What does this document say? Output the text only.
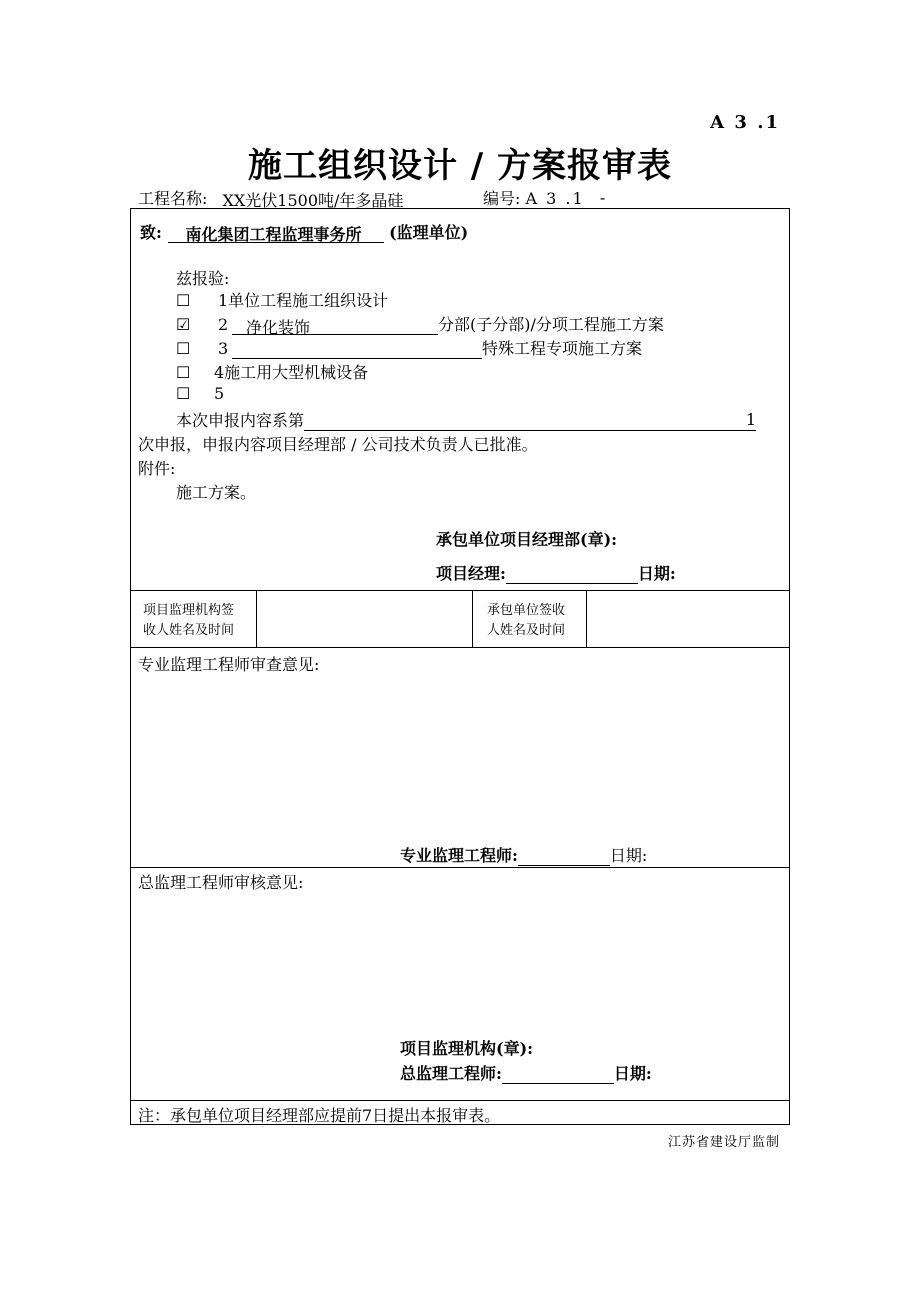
A 3 .1
施工组织设计 / 方案报审表
工程名称: XX光伏1500吨/年多晶硅	编号: A 3 .1   -
致: 南化集团工程监理事务所 (监理单位)
兹报验:
☐ 1单位工程施工组织设计
☑ 2 净化装饰	分部(子分部)/分项工程施工方案
☐ 3	特殊工程专项施工方案
☐ 4施工用大型机械设备
☐ 5
本次申报内容系第	1
次申报，申报内容项目经理部 / 公司技术负责人已批准。
附件:
施工方案。
承包单位项目经理部(章):
项目经理:	日期:
项目监理机构签
收人姓名及时间
承包单位签收
人姓名及时间
专业监理工程师审查意见:
专业监理工程师:	日期:
总监理工程师审核意见:
项目监理机构(章):
总监理工程师:	日期:
注：承包单位项目经理部应提前7日提出本报审表。
江苏省建设厅监制
